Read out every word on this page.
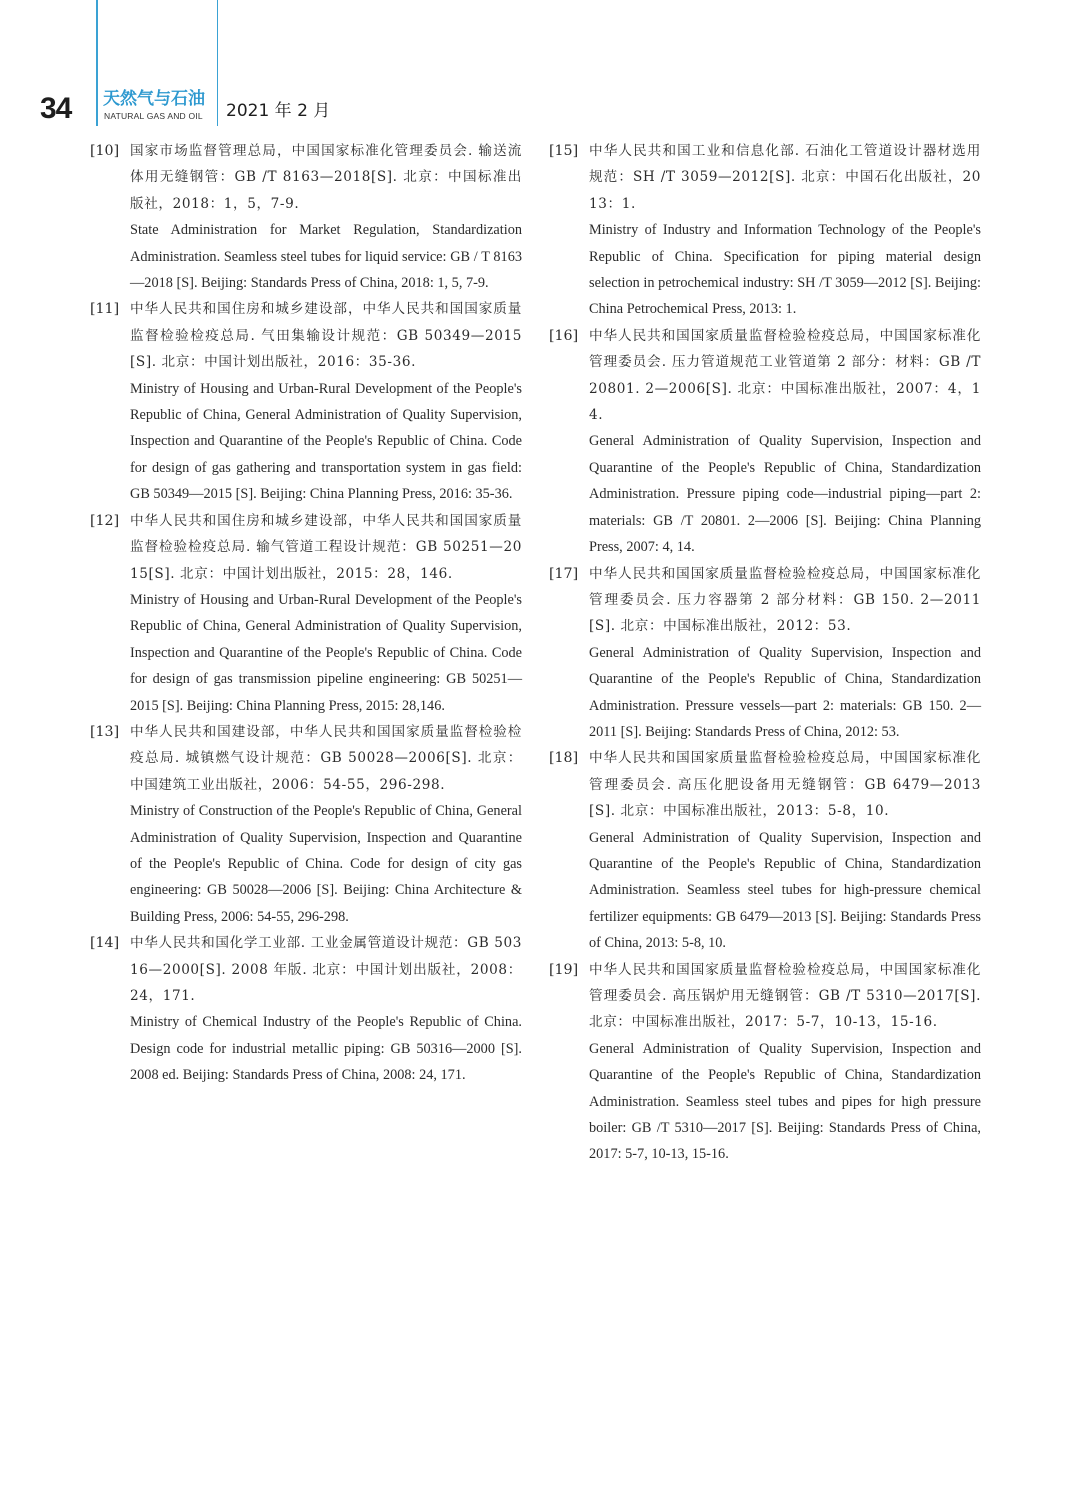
34 天然气与石油
NATURAL GAS AND OIL 2021 年 2 月
[10] 国家市场监督管理总局，中国国家标准化管理委员会. 输送流体用无缝钢管：GB /T 8163—2018[S]. 北京：中国标准出版社，2018：1，5，7-9.
State Administration for Market Regulation, Standardization Administration. Seamless steel tubes for liquid service: GB / T 8163—2018 [S]. Beijing: Standards Press of China, 2018: 1, 5, 7-9.
[11] 中华人民共和国住房和城乡建设部，中华人民共和国国家质量监督检验检疫总局. 气田集输设计规范：GB 50349—2015[S]. 北京：中国计划出版社，2016：35-36.
Ministry of Housing and Urban-Rural Development of the People's Republic of China, General Administration of Quality Supervision, Inspection and Quarantine of the People's Republic of China. Code for design of gas gathering and transportation system in gas field: GB 50349—2015 [S]. Beijing: China Planning Press, 2016: 35-36.
[12] 中华人民共和国住房和城乡建设部，中华人民共和国国家质量监督检验检疫总局. 输气管道工程设计规范：GB 50251—2015[S]. 北京：中国计划出版社，2015：28，146.
Ministry of Housing and Urban-Rural Development of the People's Republic of China, General Administration of Quality Supervision, Inspection and Quarantine of the People's Republic of China. Code for design of gas transmission pipeline engineering: GB 50251—2015 [S]. Beijing: China Planning Press, 2015: 28,146.
[13] 中华人民共和国建设部，中华人民共和国国家质量监督检验检疫总局. 城镇燃气设计规范：GB 50028—2006[S]. 北京：中国建筑工业出版社，2006：54-55，296-298.
Ministry of Construction of the People's Republic of China, General Administration of Quality Supervision, Inspection and Quarantine of the People's Republic of China. Code for design of city gas engineering: GB 50028—2006 [S]. Beijing: China Architecture & Building Press, 2006: 54-55, 296-298.
[14] 中华人民共和国化学工业部. 工业金属管道设计规范：GB 50316—2000[S]. 2008 年版. 北京：中国计划出版社，2008：24，171.
Ministry of Chemical Industry of the People's Republic of China. Design code for industrial metallic piping: GB 50316—2000 [S]. 2008 ed. Beijing: Standards Press of China, 2008: 24, 171.
[15] 中华人民共和国工业和信息化部. 石油化工管道设计器材选用规范：SH /T 3059—2012[S]. 北京：中国石化出版社，2013：1.
Ministry of Industry and Information Technology of the People's Republic of China. Specification for piping material design selection in petrochemical industry: SH /T 3059—2012 [S]. Beijing: China Petrochemical Press, 2013: 1.
[16] 中华人民共和国国家质量监督检验检疫总局，中国国家标准化管理委员会. 压力管道规范工业管道第 2 部分：材料：GB /T 20801. 2—2006[S]. 北京：中国标准出版社，2007：4，14.
General Administration of Quality Supervision, Inspection and Quarantine of the People's Republic of China, Standardization Administration. Pressure piping code—industrial piping—part 2: materials: GB /T 20801. 2—2006 [S]. Beijing: China Planning Press, 2007: 4, 14.
[17] 中华人民共和国国家质量监督检验检疫总局，中国国家标准化管理委员会. 压力容器第 2 部分材料：GB 150. 2—2011[S]. 北京：中国标准出版社，2012：53.
General Administration of Quality Supervision, Inspection and Quarantine of the People's Republic of China, Standardization Administration. Pressure vessels—part 2: materials: GB 150. 2—2011 [S]. Beijing: Standards Press of China, 2012: 53.
[18] 中华人民共和国国家质量监督检验检疫总局，中国国家标准化管理委员会. 高压化肥设备用无缝钢管：GB 6479—2013[S]. 北京：中国标准出版社，2013：5-8，10.
General Administration of Quality Supervision, Inspection and Quarantine of the People's Republic of China, Standardization Administration. Seamless steel tubes for high-pressure chemical fertilizer equipments: GB 6479—2013 [S]. Beijing: Standards Press of China, 2013: 5-8, 10.
[19] 中华人民共和国国家质量监督检验检疫总局，中国国家标准化管理委员会. 高压锅炉用无缝钢管：GB /T 5310—2017[S]. 北京：中国标准出版社，2017：5-7，10-13，15-16.
General Administration of Quality Supervision, Inspection and Quarantine of the People's Republic of China, Standardization Administration. Seamless steel tubes and pipes for high pressure boiler: GB /T 5310—2017 [S]. Beijing: Standards Press of China, 2017: 5-7, 10-13, 15-16.
